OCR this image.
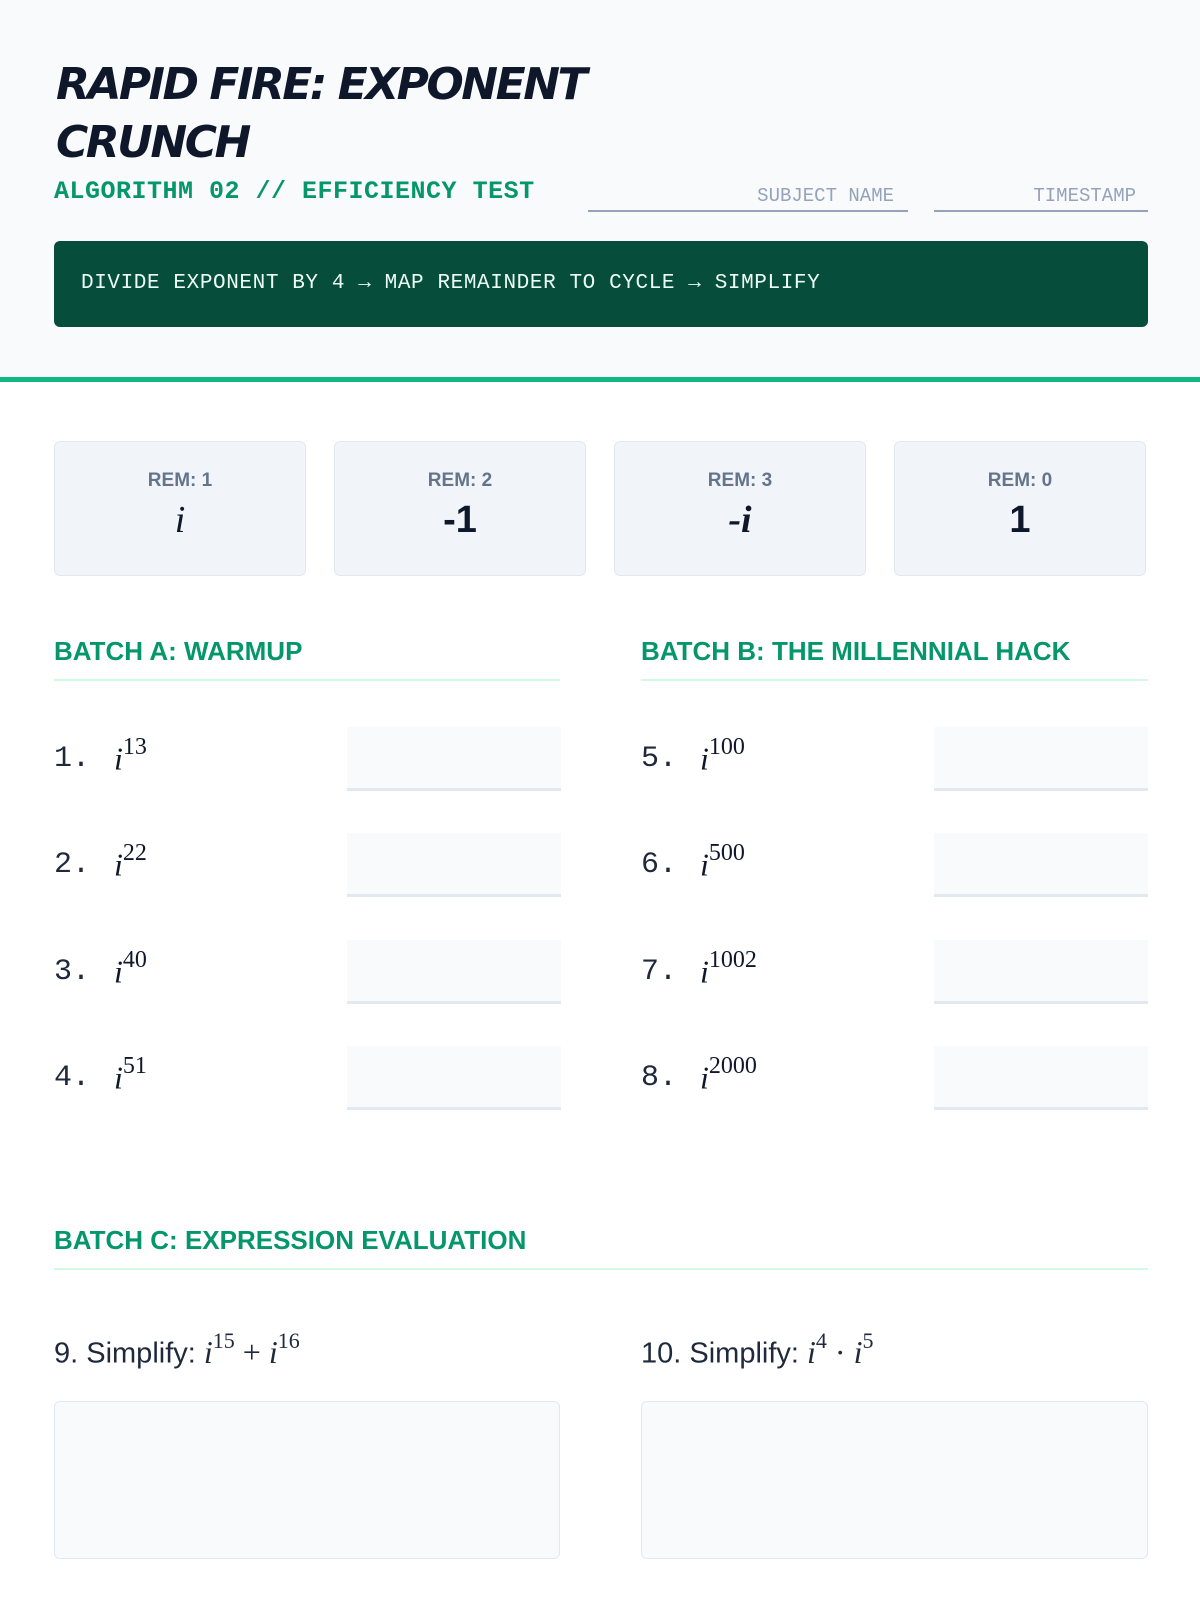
RAPID FIRE: EXPONENT
CRUNCH
ALGORITHM 02 // EFFICIENCY TEST	SUBJECT NAME	TIMESTAMP
DIVIDE EXPONENT BY 4 → MAP REMAINDER TO CYCLE → SIMPLIFY
REM: 1
i
REM: 2
-1
REM: 3
-i
REM: 0
1
BATCH A: WARMUP
1. $i^{13}$
2. $i^{22}$
3. $i^{40}$
4. $i^{51}$
BATCH B: THE MILLENNIAL HACK
5. $i^{100}$
6. $i^{500}$
7. $i^{1002}$
8. $i^{2000}$
BATCH C: EXPRESSION EVALUATION
9. Simplify: $i^{15} + i^{16}$	10. Simplify: $i^4 \cdot i^5$
